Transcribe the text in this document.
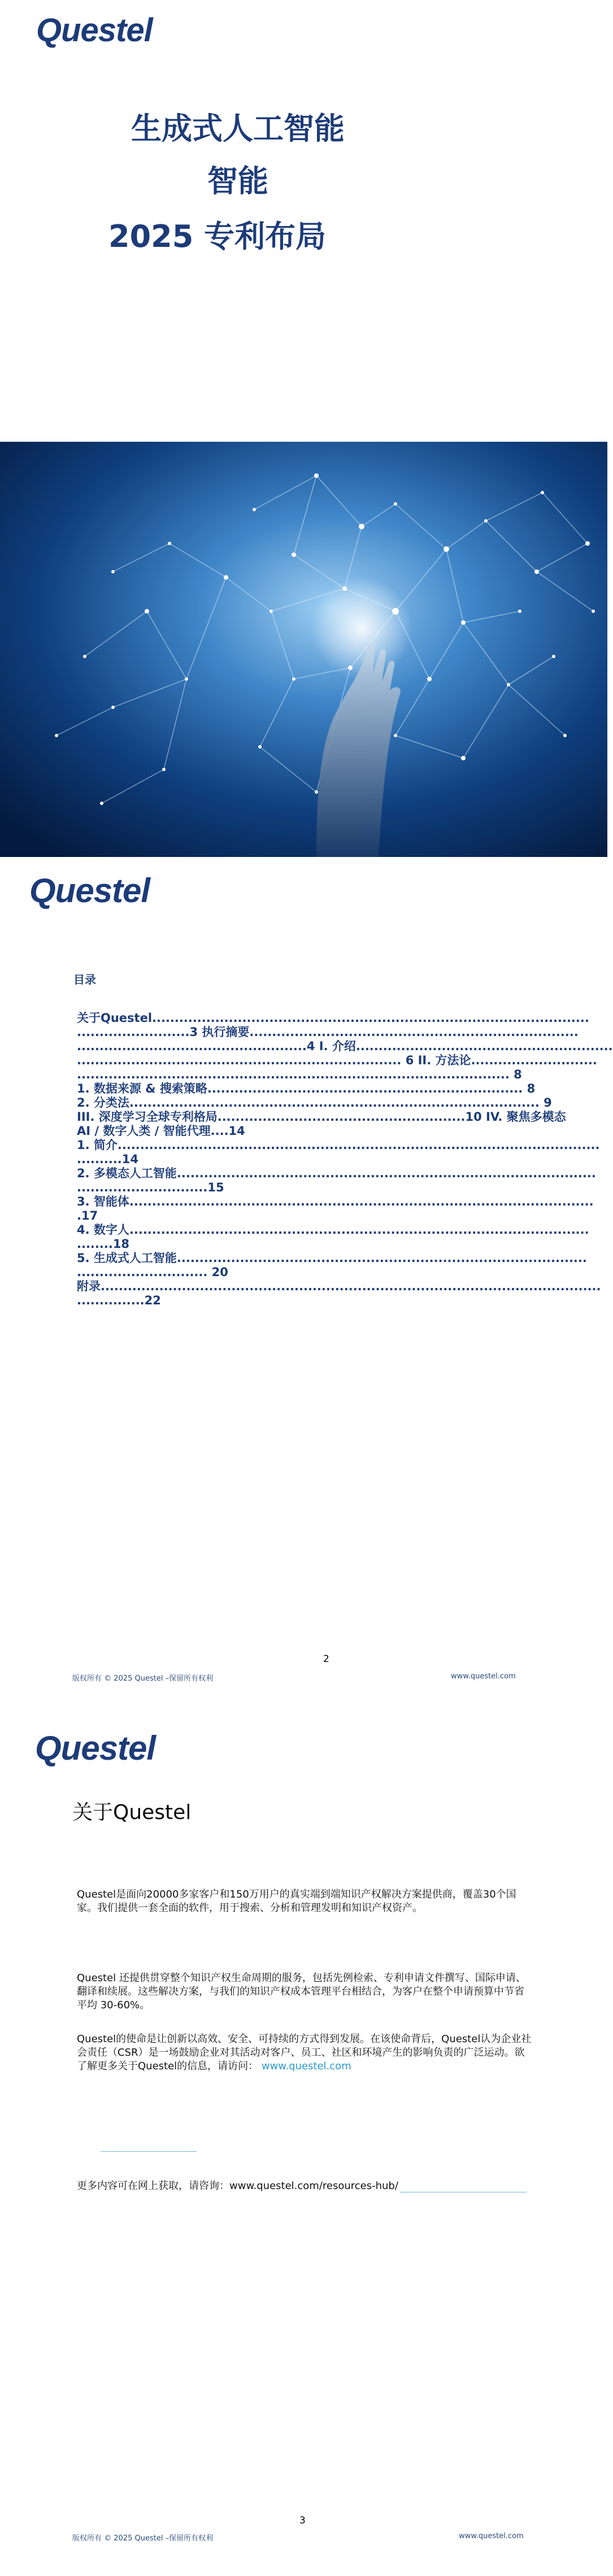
Questel
生成式人工智能
智能
2025 专利布局
Questel
目录
关于Questel.................................................................................................
.........................3 执行摘要.........................................................................
...................................................4 I. 介绍.........................................................
........................................................................ 6 II. 方法论............................
................................................................................................ 8
1. 数据来源 & 搜索策略...................................................................... 8
2. 分类法........................................................................................... 9
III. 深度学习全球专利格局.......................................................10 IV. 聚焦多模态
AI / 数字人类 / 智能代理....14
1. 简介...........................................................................................................
..........14
2. 多模态人工智能.............................................................................................
.............................15
3. 智能体.......................................................................................................
.17
4. 数字人......................................................................................................
........18
5. 生成式人工智能...........................................................................................
............................. 20
附录...............................................................................................................
...............22
2
版权所有 © 2025 Questel –保留所有权利	www.questel.com
Questel
关于Questel
Questel是面向20000多家客户和150万用户的真实端到端知识产权解决方案提供商，覆盖30个国家。我们提供一套全面的软件，用于搜索、分析和管理发明和知识产权资产。
Questel 还提供贯穿整个知识产权生命周期的服务，包括先例检索、专利申请文件撰写、国际申请、翻译和续展。这些解决方案，与我们的知识产权成本管理平台相结合，为客户在整个申请预算中节省平均 30-60%。
Questel的使命是让创新以高效、安全、可持续的方式得到发展。在该使命背后，Questel认为企业社会责任（CSR）是一场鼓励企业对其活动对客户、员工、社区和环境产生的影响负责的广泛运动。欲了解更多关于Questel的信息，请访问： www.questel.com
更多内容可在网上获取，请咨询：www.questel.com/resources-hub/
3
版权所有 © 2025 Questel –保留所有权利	www.questel.com
